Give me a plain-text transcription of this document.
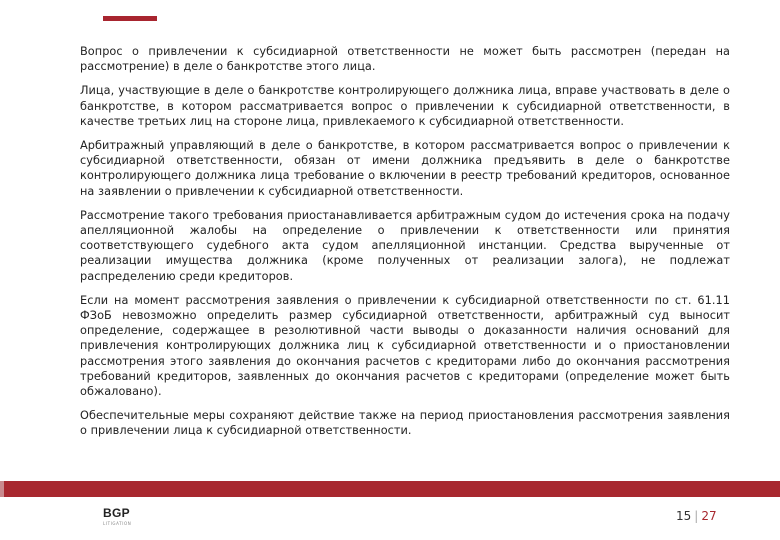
Вопрос о привлечении к субсидиарной ответственности не может быть рассмотрен (передан на рассмотрение) в деле о банкротстве этого лица.

Лица, участвующие в деле о банкротстве контролирующего должника лица, вправе участвовать в деле о банкротстве, в котором рассматривается вопрос о привлечении к субсидиарной ответственности, в качестве третьих лиц на стороне лица, привлекаемого к субсидиарной ответственности.

Арбитражный управляющий в деле о банкротстве, в котором рассматривается вопрос о привлечении к субсидиарной ответственности, обязан от имени должника предъявить в деле о банкротстве контролирующего должника лица требование о включении в реестр требований кредиторов, основанное на заявлении о привлечении к субсидиарной ответственности.

Рассмотрение такого требования приостанавливается арбитражным судом до истечения срока на подачу апелляционной жалобы на определение о привлечении к ответственности или принятия соответствующего судебного акта судом апелляционной инстанции. Средства вырученные от реализации имущества должника (кроме полученных от реализации залога), не подлежат распределению среди кредиторов.

Если на момент рассмотрения заявления о привлечении к субсидиарной ответственности по ст. 61.11 ФЗоБ невозможно определить размер субсидиарной ответственности, арбитражный суд выносит определение, содержащее в резолютивной части выводы о доказанности наличия оснований для привлечения контролирующих должника лиц к субсидиарной ответственности и о приостановлении рассмотрения этого заявления до окончания расчетов с кредиторами либо до окончания рассмотрения требований кредиторов, заявленных до окончания расчетов с кредиторами (определение может быть обжаловано).

Обеспечительные меры сохраняют действие также на период приостановления рассмотрения заявления о привлечении лица к субсидиарной ответственности.

BGP
LITIGATION
15 | 27
